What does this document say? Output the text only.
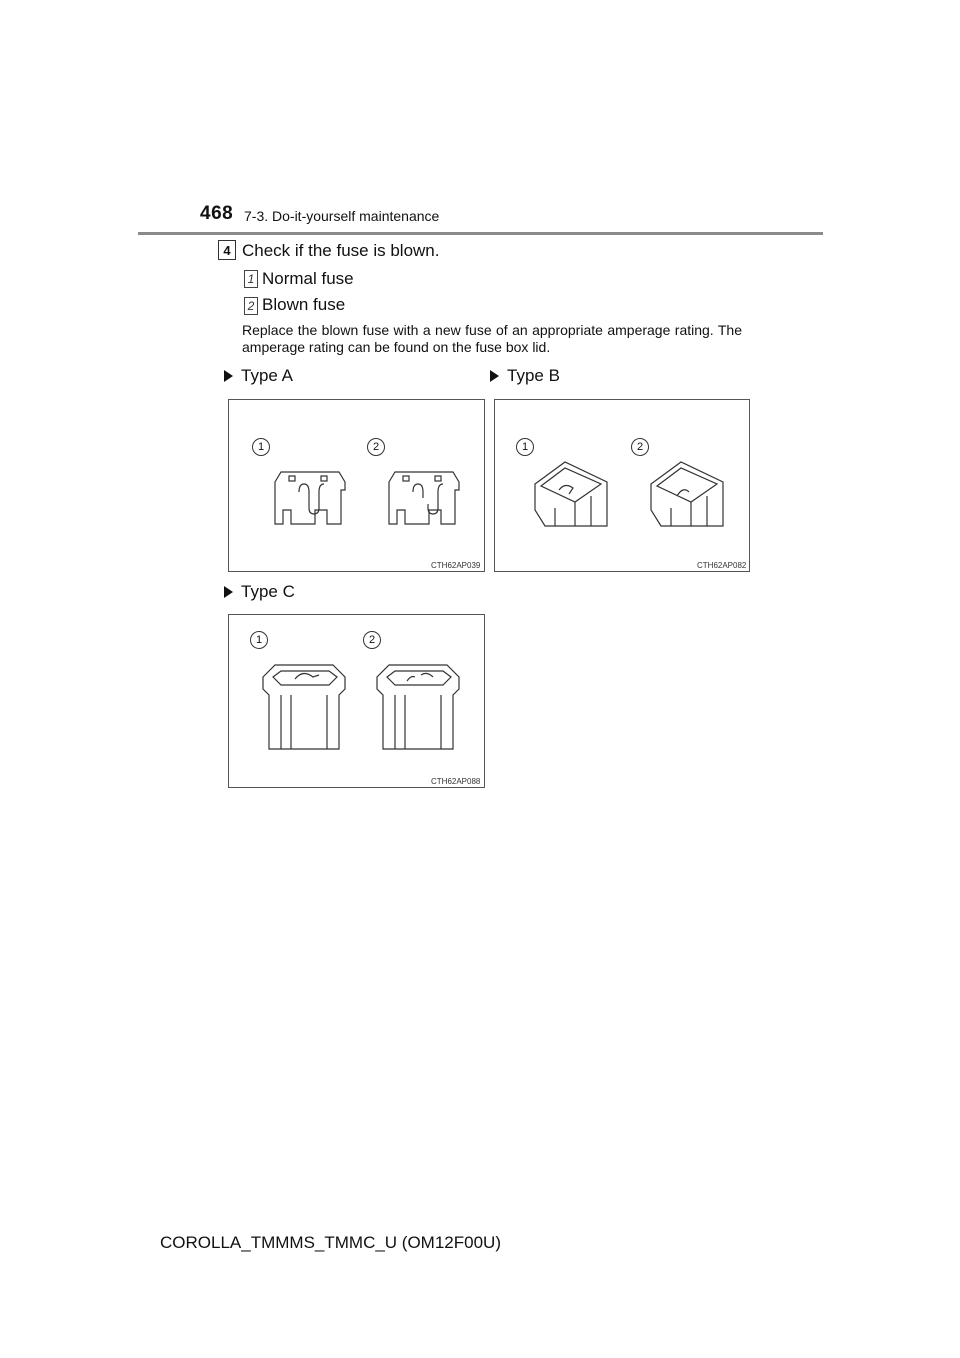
468 7-3. Do-it-yourself maintenance
4 Check if the fuse is blown.
1 Normal fuse
2 Blown fuse
Replace the blown fuse with a new fuse of an appropriate amperage rating. The amperage rating can be found on the fuse box lid.
Type A	Type B
Type C
1	2
CTH62AP039
1	2
CTH62AP082
1	2
CTH62AP088
COROLLA_TMMMS_TMMC_U (OM12F00U)
